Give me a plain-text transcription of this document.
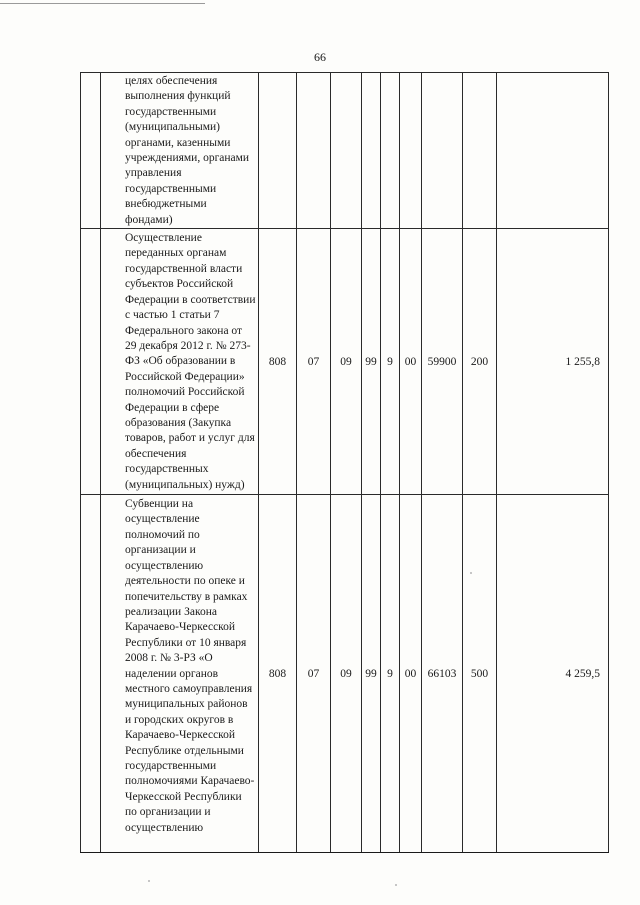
66
	целях обеспечения выполнения функций государственными (муниципальными) органами, казенными учреждениями, органами управления государственными внебюджетными фондами)									
	Осуществление переданных органам государственной власти субъектов Российской Федерации в соответствии с частью 1 статьи 7 Федерального закона от 29 декабря 2012 г. № 273-ФЗ «Об образовании в Российской Федерации» полномочий Российской Федерации в сфере образования (Закупка товаров, работ и услуг для обеспечения государственных (муниципальных) нужд)	808	07	09	99	9	00	59900	200	1 255,8
	Субвенции на осуществление полномочий по организации и осуществлению деятельности по опеке и попечительству в рамках реализации Закона Карачаево-Черкесской Республики от 10 января 2008 г. № 3-РЗ «О наделении органов местного самоуправления муниципальных районов и городских округов в Карачаево-Черкесской Республике отдельными государственными полномочиями Карачаево-Черкесской Республики по организации и осуществлению	808	07	09	99	9	00	66103	500	4 259,5
